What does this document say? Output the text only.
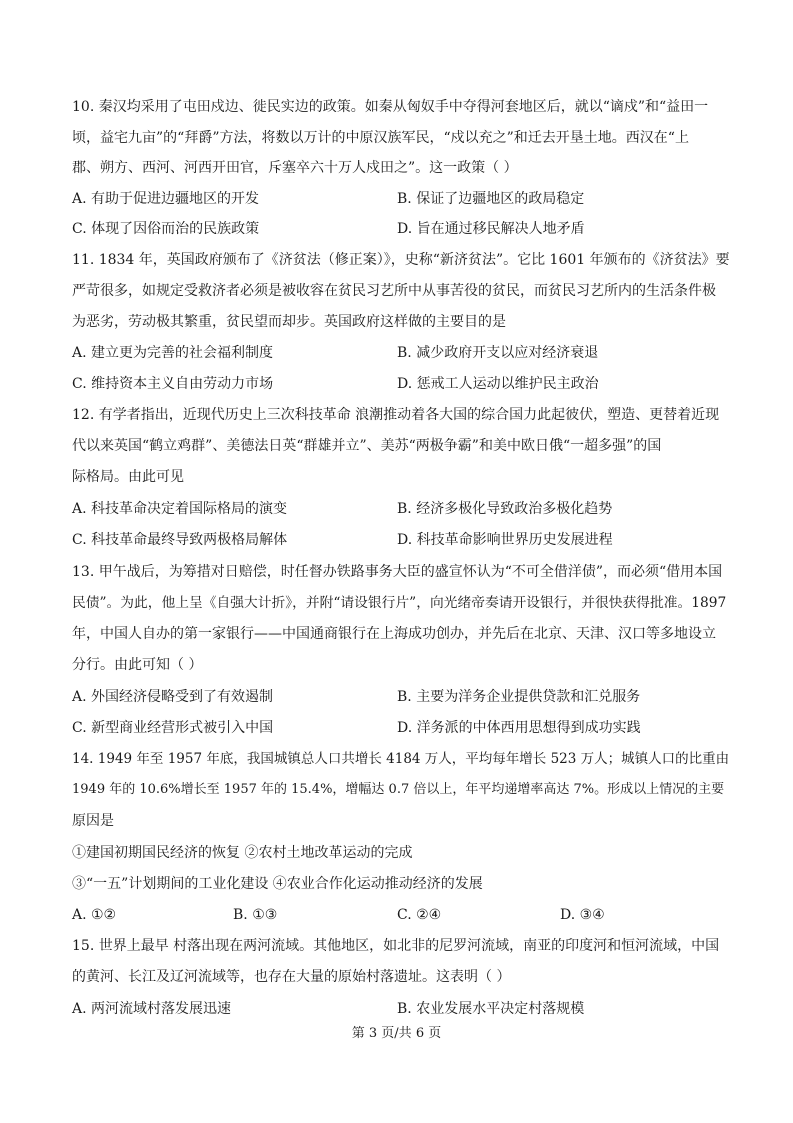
10. 秦汉均采用了屯田戍边、徙民实边的政策。如秦从匈奴手中夺得河套地区后，就以“谪戍”和“益田一
顷，益宅九亩”的“拜爵”方法，将数以万计的中原汉族军民，“戍以充之”和迁去开垦土地。西汉在“上
郡、朔方、西河、河西开田官，斥塞卒六十万人戍田之”。这一政策（ ）
A. 有助于促进边疆地区的开发	B. 保证了边疆地区的政局稳定
C. 体现了因俗而治的民族政策	D. 旨在通过移民解决人地矛盾
11. 1834 年，英国政府颁布了《济贫法（修正案）》，史称“新济贫法”。它比 1601 年颁布的《济贫法》要
严苛很多，如规定受救济者必须是被收容在贫民习艺所中从事苦役的贫民，而贫民习艺所内的生活条件极
为恶劣，劳动极其繁重，贫民望而却步。英国政府这样做的主要目的是
A. 建立更为完善的社会福利制度	B. 减少政府开支以应对经济衰退
C. 维持资本主义自由劳动力市场	D. 惩戒工人运动以维护民主政治
12. 有学者指出，近现代历史上三次科技革命 浪潮推动着各大国的综合国力此起彼伏，塑造、更替着近现
代以来英国“鹤立鸡群”、美德法日英“群雄并立”、美苏“两极争霸”和美中欧日俄“一超多强”的国
际格局。由此可见
A. 科技革命决定着国际格局的演变	B. 经济多极化导致政治多极化趋势
C. 科技革命最终导致两极格局解体	D. 科技革命影响世界历史发展进程
13. 甲午战后，为筹措对日赔偿，时任督办铁路事务大臣的盛宣怀认为“不可全借洋债”，而必须“借用本国
民债”。为此，他上呈《自强大计折》，并附“请设银行片”，向光绪帝奏请开设银行，并很快获得批准。1897
年，中国人自办的第一家银行——中国通商银行在上海成功创办，并先后在北京、天津、汉口等多地设立
分行。由此可知（ ）
A. 外国经济侵略受到了有效遏制	B. 主要为洋务企业提供贷款和汇兑服务
C. 新型商业经营形式被引入中国	D. 洋务派的中体西用思想得到成功实践
14. 1949 年至 1957 年底，我国城镇总人口共增长 4184 万人，平均每年增长 523 万人；城镇人口的比重由
1949 年的 10.6%增长至 1957 年的 15.4%，增幅达 0.7 倍以上，年平均递增率高达 7%。形成以上情况的主要
原因是
①建国初期国民经济的恢复 ②农村土地改革运动的完成
③“一五”计划期间的工业化建设 ④农业合作化运动推动经济的发展
A. ①②	B. ①③	C. ②④	D. ③④
15. 世界上最早 村落出现在两河流域。其他地区，如北非的尼罗河流域，南亚的印度河和恒河流域，中国
的黄河、长江及辽河流域等，也存在大量的原始村落遗址。这表明（ ）
A. 两河流域村落发展迅速	B. 农业发展水平决定村落规模
第 3 页/共 6 页
